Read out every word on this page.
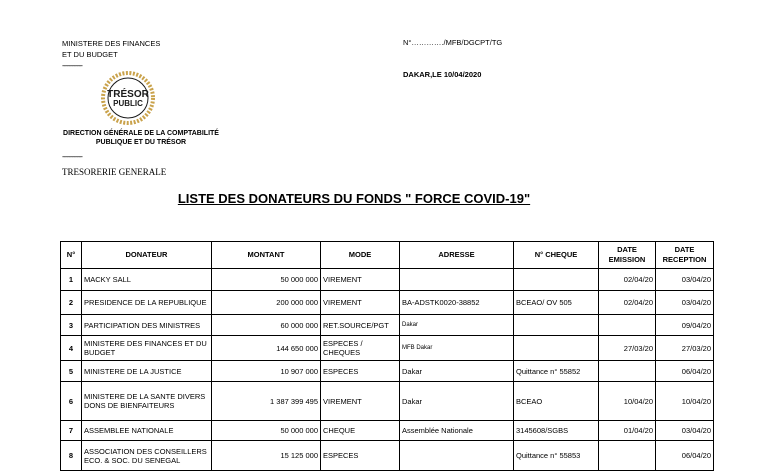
MINISTERE DES FINANCES
ET DU BUDGET
------------
N°…………./MFB/DGCPT/TG
DAKAR,LE 10/04/2020
TRÉSOR
PUBLIC
DIRECTION GÉNÉRALE DE LA COMPTABILITÉ
PUBLIQUE ET DU TRÉSOR
------------
TRESORERIE GENERALE
LISTE DES DONATEURS DU FONDS " FORCE COVID-19"
N°	DONATEUR	MONTANT	MODE	ADRESSE	N° CHEQUE	DATE EMISSION	DATE RECEPTION
1	MACKY SALL	50 000 000	VIREMENT			02/04/20	03/04/20
2	PRESIDENCE DE LA REPUBLIQUE	200 000 000	VIREMENT	BA-ADSTK0020-38852	BCEAO/ OV 505	02/04/20	03/04/20
3	PARTICIPATION DES MINISTRES	60 000 000	RET.SOURCE/PGT	Dakar			09/04/20
4	MINISTERE DES FINANCES ET DU BUDGET	144 650 000	ESPECES / CHEQUES	MFB Dakar		27/03/20	27/03/20
5	MINISTERE DE LA JUSTICE	10 907 000	ESPECES	Dakar	Quittance n° 55852		06/04/20
6	MINISTERE DE LA SANTE DIVERS DONS DE BIENFAITEURS	1 387 399 495	VIREMENT	Dakar	BCEAO	10/04/20	10/04/20
7	ASSEMBLEE NATIONALE	50 000 000	CHEQUE	Assemblée Nationale	3145608/SGBS	01/04/20	03/04/20
8	ASSOCIATION DES CONSEILLERS ECO. & SOC. DU SENEGAL	15 125 000	ESPECES		Quittance n° 55853		06/04/20
